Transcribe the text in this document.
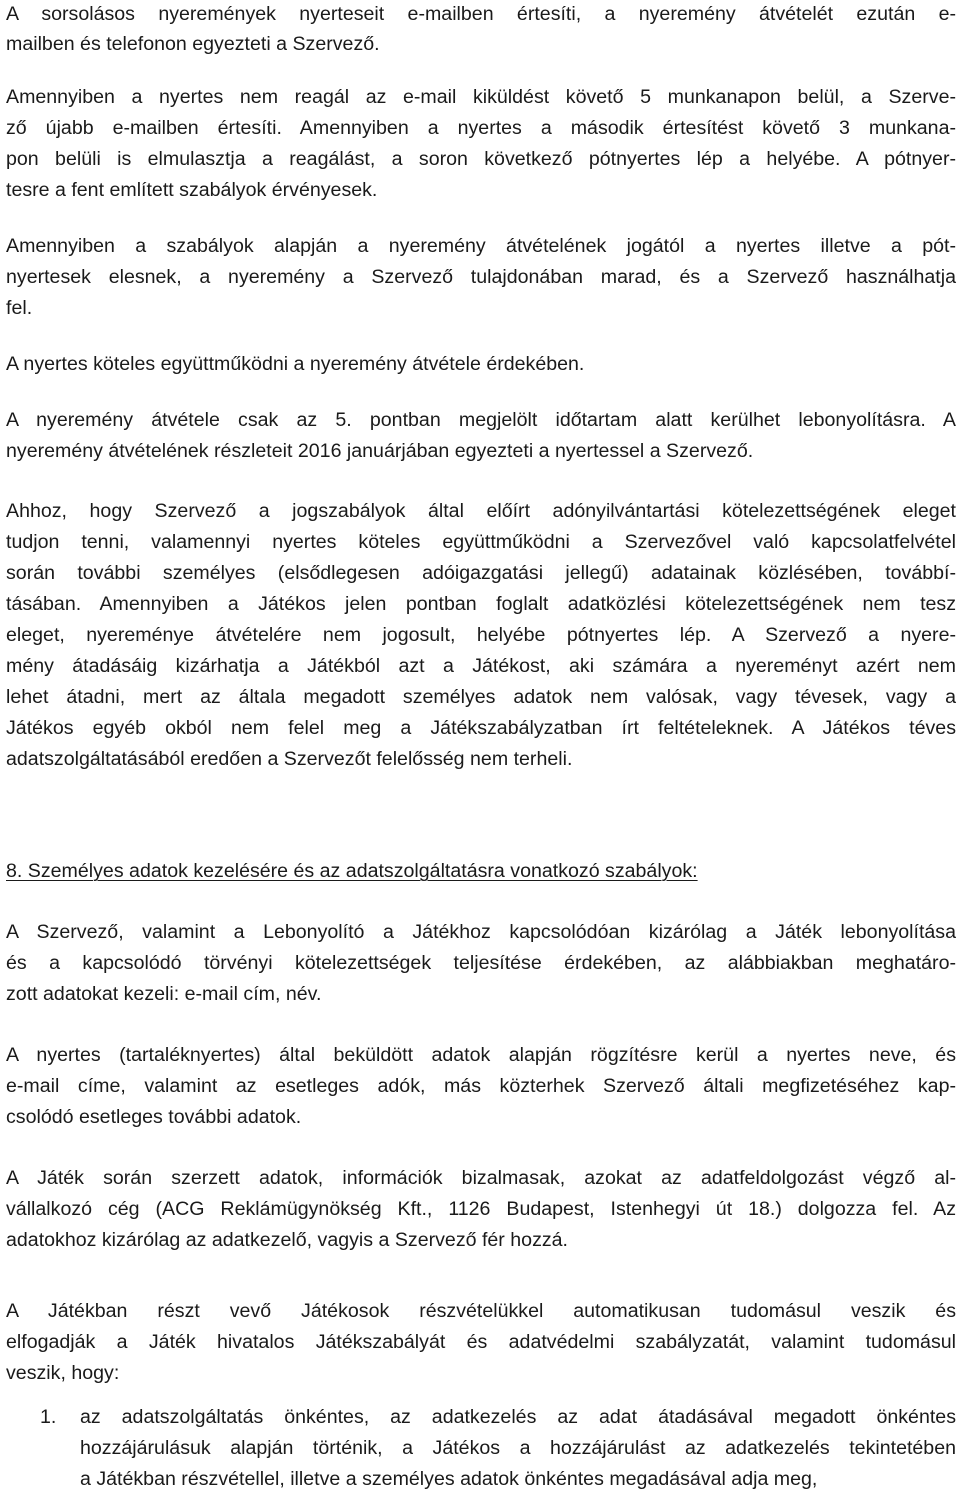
A sorsolásos nyeremények nyerteseit e-mailben értesíti, a nyeremény átvételét ezután e-
mailben és telefonon egyezteti a Szervező.
Amennyiben a nyertes nem reagál az e-mail kiküldést követő 5 munkanapon belül, a Szerve-
ző újabb e-mailben értesíti. Amennyiben a nyertes a második értesítést követő 3 munkana-
pon belüli is elmulasztja a reagálást, a soron következő pótnyertes lép a helyébe. A pótnyer-
tesre a fent említett szabályok érvényesek.
Amennyiben a szabályok alapján a nyeremény átvételének jogától a nyertes illetve a pót-
nyertesek elesnek, a nyeremény a Szervező tulajdonában marad, és a Szervező használhatja
fel.
A nyertes köteles együttműködni a nyeremény átvétele érdekében.
A nyeremény átvétele csak az 5. pontban megjelölt időtartam alatt kerülhet lebonyolításra. A
nyeremény átvételének részleteit 2016 januárjában egyezteti a nyertessel a Szervező.
Ahhoz, hogy Szervező a jogszabályok által előírt adónyilvántartási kötelezettségének eleget
tudjon tenni, valamennyi nyertes köteles együttműködni a Szervezővel való kapcsolatfelvétel
során további személyes (elsődlegesen adóigazgatási jellegű) adatainak közlésében, továbbí-
tásában. Amennyiben a Játékos jelen pontban foglalt adatközlési kötelezettségének nem tesz
eleget, nyereménye átvételére nem jogosult, helyébe pótnyertes lép. A Szervező a nyere-
mény átadásáig kizárhatja a Játékból azt a Játékost, aki számára a nyereményt azért nem
lehet átadni, mert az általa megadott személyes adatok nem valósak, vagy tévesek, vagy a
Játékos egyéb okból nem felel meg a Játékszabályzatban írt feltételeknek. A Játékos téves
adatszolgáltatásából eredően a Szervezőt felelősség nem terheli.
8. Személyes adatok kezelésére és az adatszolgáltatásra vonatkozó szabályok:
A Szervező, valamint a Lebonyolító a Játékhoz kapcsolódóan kizárólag a Játék lebonyolítása
és a kapcsolódó törvényi kötelezettségek teljesítése érdekében, az alábbiakban meghatáro-
zott adatokat kezeli: e-mail cím, név.
A nyertes (tartaléknyertes) által beküldött adatok alapján rögzítésre kerül a nyertes neve, és
e-mail címe, valamint az esetleges adók, más közterhek Szervező általi megfizetéséhez kap-
csolódó esetleges további adatok.
A Játék során szerzett adatok, információk bizalmasak, azokat az adatfeldolgozást végző al-
vállalkozó cég (ACG Reklámügynökség Kft., 1126 Budapest, Istenhegyi út 18.) dolgozza fel. Az
adatokhoz kizárólag az adatkezelő, vagyis a Szervező fér hozzá.
A Játékban részt vevő Játékosok részvételükkel automatikusan tudomásul veszik és
elfogadják a Játék hivatalos Játékszabályát és adatvédelmi szabályzatát, valamint tudomásul
veszik, hogy:
1. az adatszolgáltatás önkéntes, az adatkezelés az adat átadásával megadott önkéntes
hozzájárulásuk alapján történik, a Játékos a hozzájárulást az adatkezelés tekintetében
a Játékban részvétellel, illetve a személyes adatok önkéntes megadásával adja meg,
